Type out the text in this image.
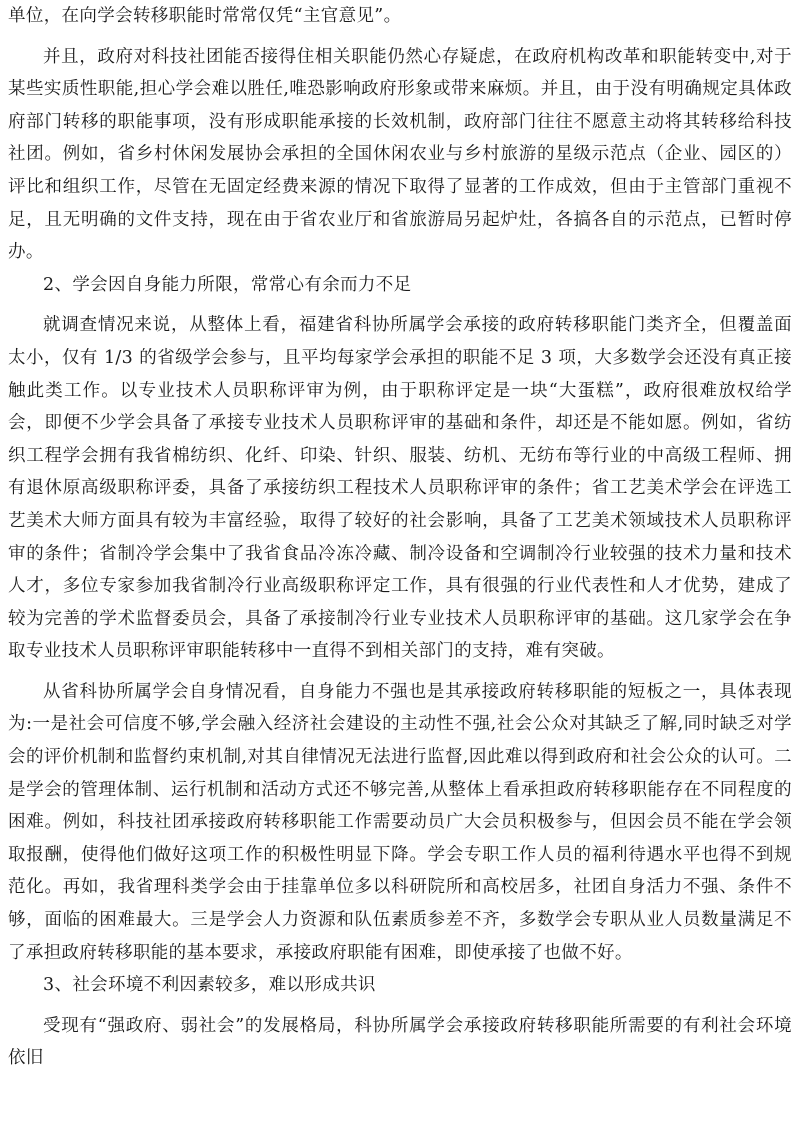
单位，在向学会转移职能时常常仅凭“主官意见”。

并且，政府对科技社团能否接得住相关职能仍然心存疑虑，在政府机构改革和职能转变中,对于某些实质性职能,担心学会难以胜任,唯恐影响政府形象或带来麻烦。并且，由于没有明确规定具体政府部门转移的职能事项，没有形成职能承接的长效机制，政府部门往往不愿意主动将其转移给科技社团。例如，省乡村休闲发展协会承担的全国休闲农业与乡村旅游的星级示范点（企业、园区的）评比和组织工作，尽管在无固定经费来源的情况下取得了显著的工作成效，但由于主管部门重视不足，且无明确的文件支持，现在由于省农业厅和省旅游局另起炉灶，各搞各自的示范点，已暂时停办。

2、学会因自身能力所限，常常心有余而力不足

就调查情况来说，从整体上看，福建省科协所属学会承接的政府转移职能门类齐全，但覆盖面太小，仅有 1/3 的省级学会参与，且平均每家学会承担的职能不足 3 项，大多数学会还没有真正接触此类工作。以专业技术人员职称评审为例，由于职称评定是一块“大蛋糕”，政府很难放权给学会，即便不少学会具备了承接专业技术人员职称评审的基础和条件，却还是不能如愿。例如，省纺织工程学会拥有我省棉纺织、化纤、印染、针织、服装、纺机、无纺布等行业的中高级工程师、拥有退休原高级职称评委，具备了承接纺织工程技术人员职称评审的条件；省工艺美术学会在评选工艺美术大师方面具有较为丰富经验，取得了较好的社会影响，具备了工艺美术领域技术人员职称评审的条件；省制冷学会集中了我省食品冷冻冷藏、制冷设备和空调制冷行业较强的技术力量和技术人才，多位专家参加我省制冷行业高级职称评定工作，具有很强的行业代表性和人才优势，建成了较为完善的学术监督委员会，具备了承接制冷行业专业技术人员职称评审的基础。这几家学会在争取专业技术人员职称评审职能转移中一直得不到相关部门的支持，难有突破。

从省科协所属学会自身情况看，自身能力不强也是其承接政府转移职能的短板之一，具体表现为:一是社会可信度不够,学会融入经济社会建设的主动性不强,社会公众对其缺乏了解,同时缺乏对学会的评价机制和监督约束机制,对其自律情况无法进行监督,因此难以得到政府和社会公众的认可。二是学会的管理体制、运行机制和活动方式还不够完善,从整体上看承担政府转移职能存在不同程度的困难。例如，科技社团承接政府转移职能工作需要动员广大会员积极参与，但因会员不能在学会领取报酬，使得他们做好这项工作的积极性明显下降。学会专职工作人员的福利待遇水平也得不到规范化。再如，我省理科类学会由于挂靠单位多以科研院所和高校居多，社团自身活力不强、条件不够，面临的困难最大。三是学会人力资源和队伍素质参差不齐，多数学会专职从业人员数量满足不了承担政府转移职能的基本要求，承接政府职能有困难，即使承接了也做不好。

3、社会环境不利因素较多，难以形成共识

受现有“强政府、弱社会”的发展格局，科协所属学会承接政府转移职能所需要的有利社会环境依旧
